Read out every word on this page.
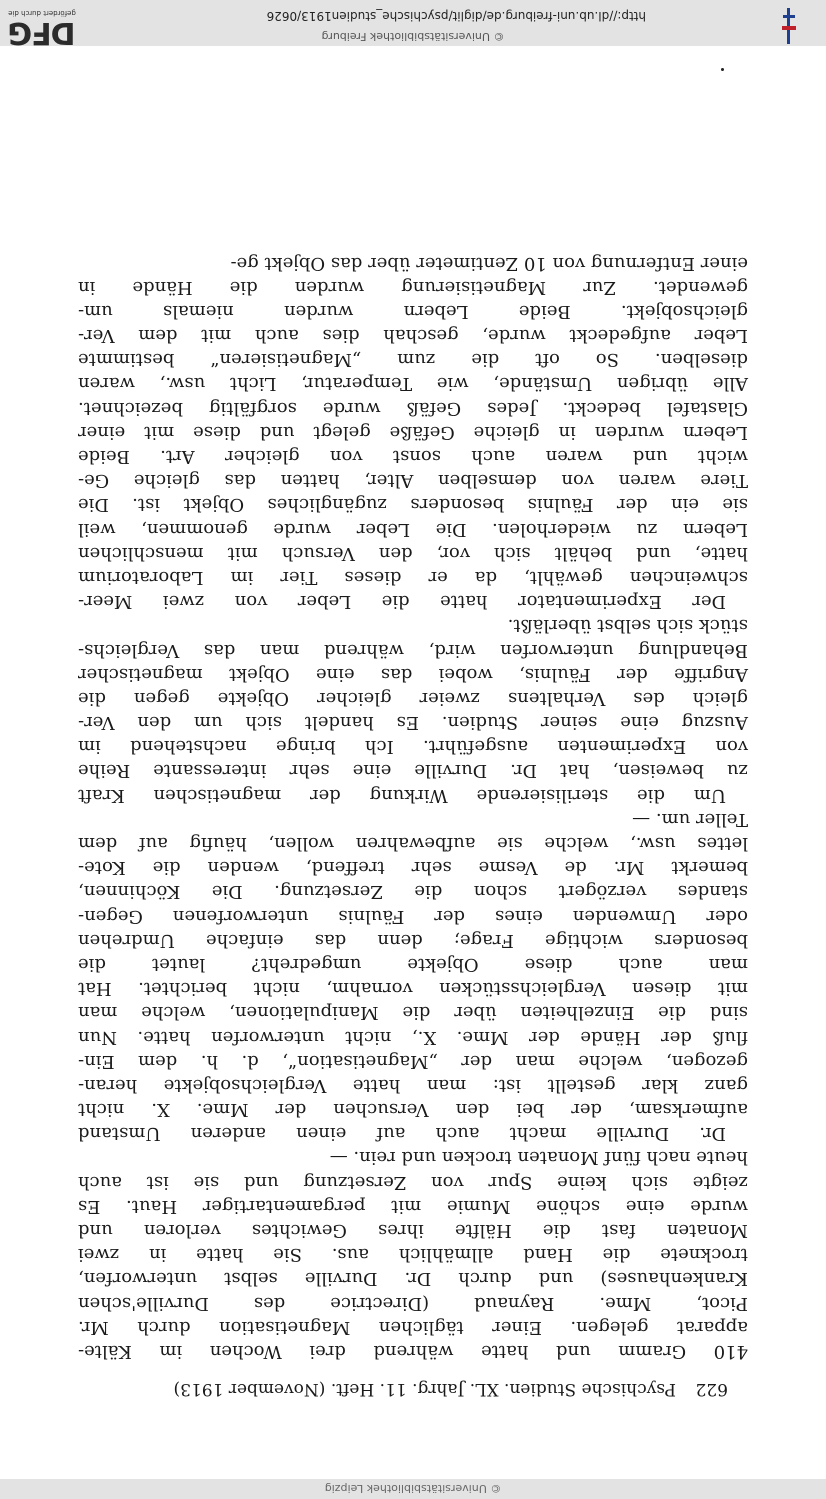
© Universitätsbibliothek Leipzig
622
Psychische Studien. XL. Jahrg. 11. Heft. (November 1913)
410 Gramm und hatte während drei Wochen im Kälte-
apparat gelegen. Einer täglichen Magnetisation durch Mr.
Picot, Mme. Raynaud (Directrice des Durville'schen
Krankenhauses) und durch Dr. Durville selbst unterworfen,
trocknete die Hand allmählich aus. Sie hatte in zwei
Monaten fast die Hälfte ihres Gewichtes verloren und
wurde eine schöne Mumie mit pergamentartiger Haut. Es
zeigte sich keine Spur von Zersetzung und sie ist auch
heute nach fünf Monaten trocken und rein. —
Dr. Durville macht auch auf einen anderen Umstand
aufmerksam, der bei den Versuchen der Mme. X. nicht
ganz klar gestellt ist: man hatte Vergleichsobjekte heran-
gezogen, welche man der „Magnetisation“, d. h. dem Ein-
fluß der Hände der Mme. X., nicht unterworfen hatte. Nun
sind die Einzelheiten über die Manipulationen, welche man
mit diesen Vergleichsstücken vornahm, nicht berichtet. Hat
man auch diese Objekte umgedreht? lautet die
besonders wichtige Frage; denn das einfache Umdrehen
oder Umwenden eines der Fäulnis unterworfenen Gegen-
standes verzögert schon die Zersetzung. Die Köchinnen,
bemerkt Mr. de Vesme sehr treffend, wenden die Kote-
lettes usw., welche sie aufbewahren wollen, häufig auf dem
Teller um. —
Um die sterilisierende Wirkung der magnetischen Kraft
zu beweisen, hat Dr. Durville eine sehr interessante Reihe
von Experimenten ausgeführt. Ich bringe nachstehend im
Auszug eine seiner Studien. Es handelt sich um den Ver-
gleich des Verhaltens zweier gleicher Objekte gegen die
Angriffe der Fäulnis, wobei das eine Objekt magnetischer
Behandlung unterworfen wird, während man das Vergleichs-
stück sich selbst überläßt.
Der Experimentator hatte die Leber von zwei Meer-
schweinchen gewählt, da er dieses Tier im Laboratorium
hatte, und behält sich vor, den Versuch mit menschlichen
Lebern zu wiederholen. Die Leber wurde genommen, weil
sie ein der Fäulnis besonders zugängliches Objekt ist. Die
Tiere waren von demselben Alter, hatten das gleiche Ge-
wicht und waren auch sonst von gleicher Art. Beide
Lebern wurden in gleiche Gefäße gelegt und diese mit einer
Glastafel bedeckt. Jedes Gefäß wurde sorgfältig bezeichnet.
Alle übrigen Umstände, wie Temperatur, Licht usw., waren
dieselben. So oft die zum „Magnetisieren“ bestimmte
Leber aufgedeckt wurde, geschah dies auch mit dem Ver-
gleichsobjekt. Beide Lebern wurden niemals um-
gewendet. Zur Magnetisierung wurden die Hände in
einer Entfernung von 10 Zentimeter über das Objekt ge-
© Universitätsbibliothek Freiburg
http://dl.ub.uni-freiburg.de/diglit/psychische_studien1913/0626
DFG
gefördert durch die
